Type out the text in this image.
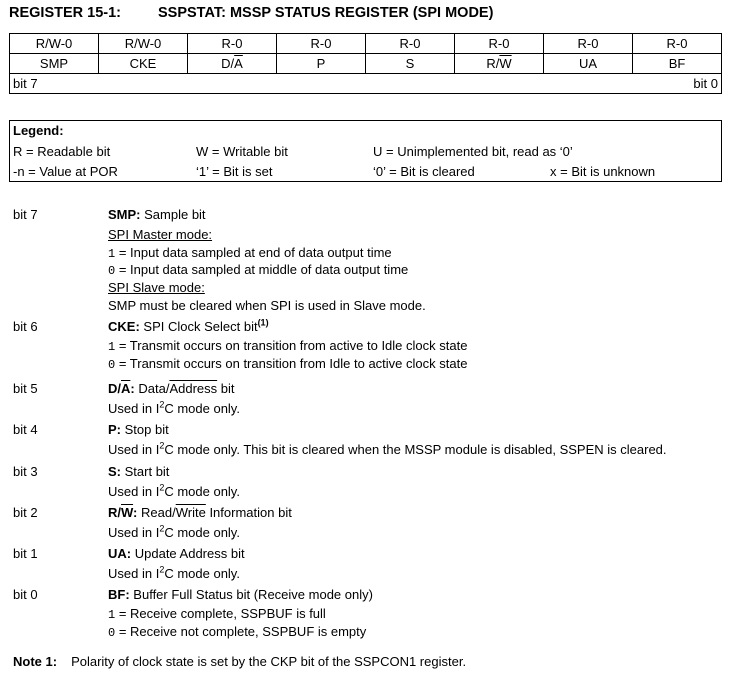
REGISTER 15-1:	SSPSTAT: MSSP STATUS REGISTER (SPI MODE)
R/W-0	R/W-0	R-0	R-0	R-0	R-0	R-0	R-0
SMP	CKE	$D/\overline{A}$	P	S	$R/\overline{W}$	UA	BF

bit 7 bit 0							
Legend:
R = Readable bit	W = Writable bit	U = Unimplemented bit, read as ‘0’
-n = Value at POR	‘1’ = Bit is set	‘0’ = Bit is cleared	x = Bit is unknown
bit 7	SMP: Sample bit
SPI Master mode:
1 = Input data sampled at end of data output time
0 = Input data sampled at middle of data output time
SPI Slave mode:
SMP must be cleared when SPI is used in Slave mode.
bit 6	CKE: SPI Clock Select bit$^{(1)}$
1 = Transmit occurs on transition from active to Idle clock state
0 = Transmit occurs on transition from Idle to active clock state
bit 5	$D/\overline{A}$: Data/Address bit
Used in $I^2C$ mode only.
bit 4	P: Stop bit
Used in $I^2C$ mode only. This bit is cleared when the MSSP module is disabled, SSPEN is cleared.
bit 3	S: Start bit
Used in $I^2C$ mode only.
bit 2	$R/\overline{W}$: Read/Write Information bit
Used in $I^2C$ mode only.
bit 1	UA: Update Address bit
Used in $I^2C$ mode only.
bit 0	BF: Buffer Full Status bit (Receive mode only)
1 = Receive complete, SSPBUF is full
0 = Receive not complete, SSPBUF is empty
Note 1: Polarity of clock state is set by the CKP bit of the SSPCON1 register.
